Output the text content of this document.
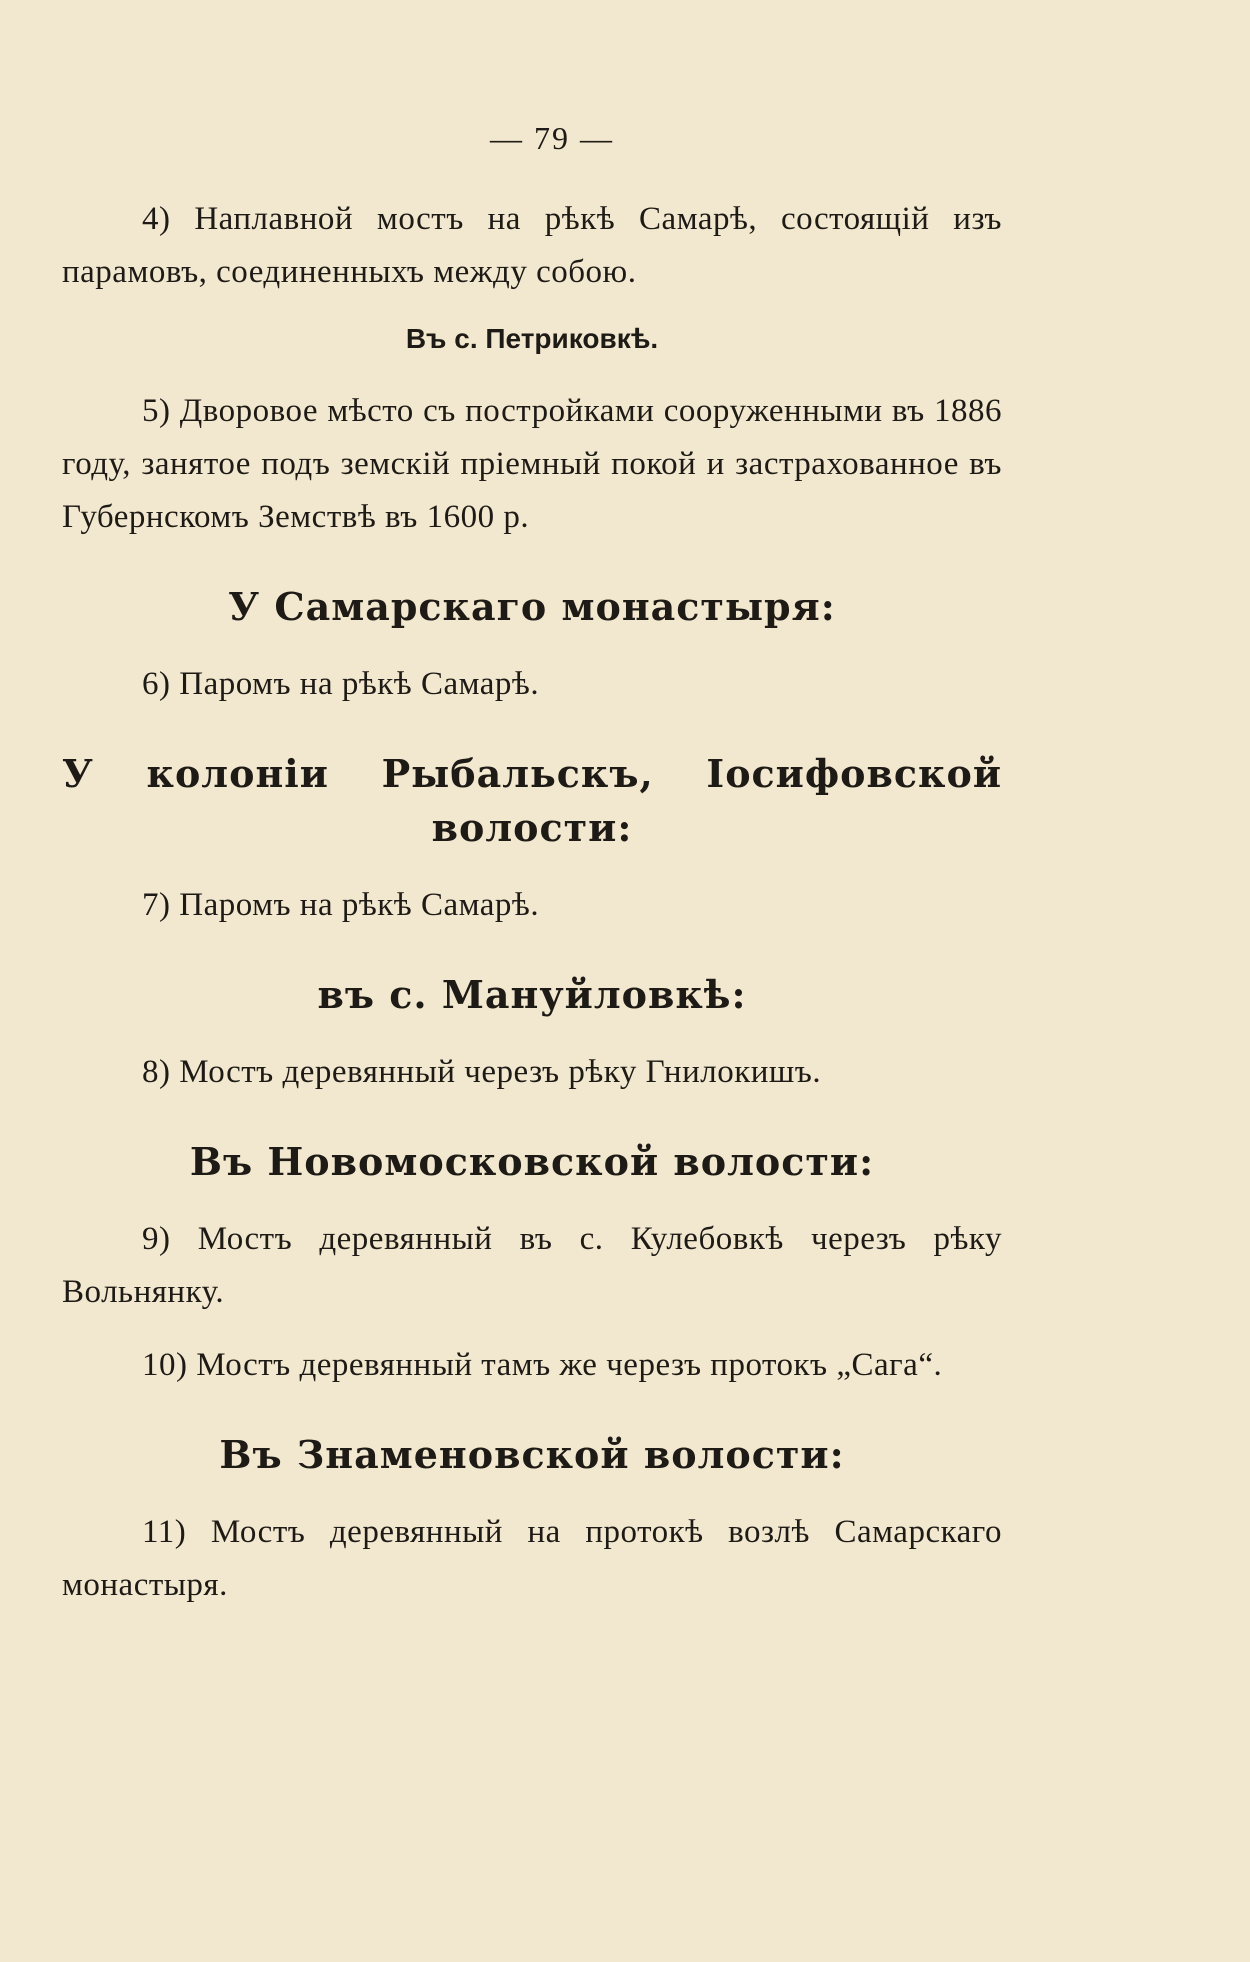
— 79 —

4) Наплавной мостъ на рѣкѣ Самарѣ, состоящій изъ парамовъ, соединенныхъ между собою.

Въ с. Петриковкѣ.

5) Дворовое мѣсто съ постройками сооруженными въ 1886 году, занятое подъ земскій пріемный покой и застрахованное въ Губернскомъ Земствѣ въ 1600 р.

У Самарскаго монастыря:

6) Паромъ на рѣкѣ Самарѣ.

У колоніи Рыбальскъ, Іосифовской волости:

7) Паромъ на рѣкѣ Самарѣ.

въ с. Мануйловкѣ:

8) Мостъ деревянный черезъ рѣку Гнилокишъ.

Въ Новомосковской волости:

9) Мостъ деревянный въ с. Кулебовкѣ черезъ рѣку Вольнянку.

10) Мостъ деревянный тамъ же черезъ протокъ „Сага“.

Въ Знаменовской волости:

11) Мостъ деревянный на протокѣ возлѣ Самарскаго монастыря.
